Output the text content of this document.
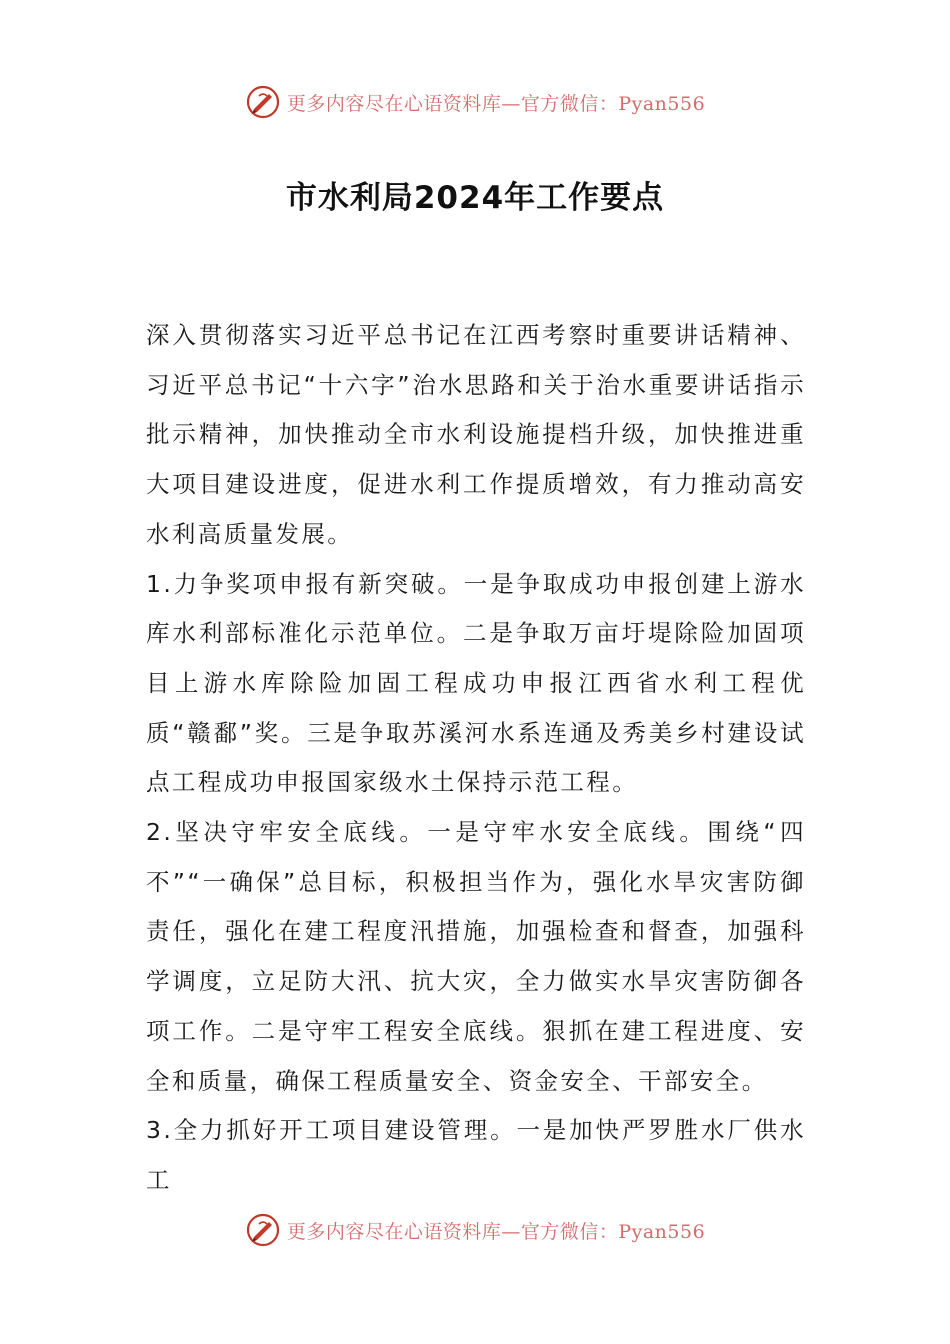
更多内容尽在心语资料库—官方微信：Pyan556
市水利局2024年工作要点

深入贯彻落实习近平总书记在江西考察时重要讲话精神、习近平总书记“十六字”治水思路和关于治水重要讲话指示批示精神，加快推动全市水利设施提档升级，加快推进重大项目建设进度，促进水利工作提质增效，有力推动高安水利高质量发展。

1.力争奖项申报有新突破。一是争取成功申报创建上游水库水利部标准化示范单位。二是争取万亩圩堤除险加固项目上游水库除险加固工程成功申报江西省水利工程优质“赣鄱”奖。三是争取苏溪河水系连通及秀美乡村建设试点工程成功申报国家级水土保持示范工程。

2.坚决守牢安全底线。一是守牢水安全底线。围绕“四不”“一确保”总目标，积极担当作为，强化水旱灾害防御责任，强化在建工程度汛措施，加强检查和督查，加强科学调度，立足防大汛、抗大灾，全力做实水旱灾害防御各项工作。二是守牢工程安全底线。狠抓在建工程进度、安全和质量，确保工程质量安全、资金安全、干部安全。

3.全力抓好开工项目建设管理。一是加快严罗胜水厂供水工

更多内容尽在心语资料库—官方微信：Pyan556
